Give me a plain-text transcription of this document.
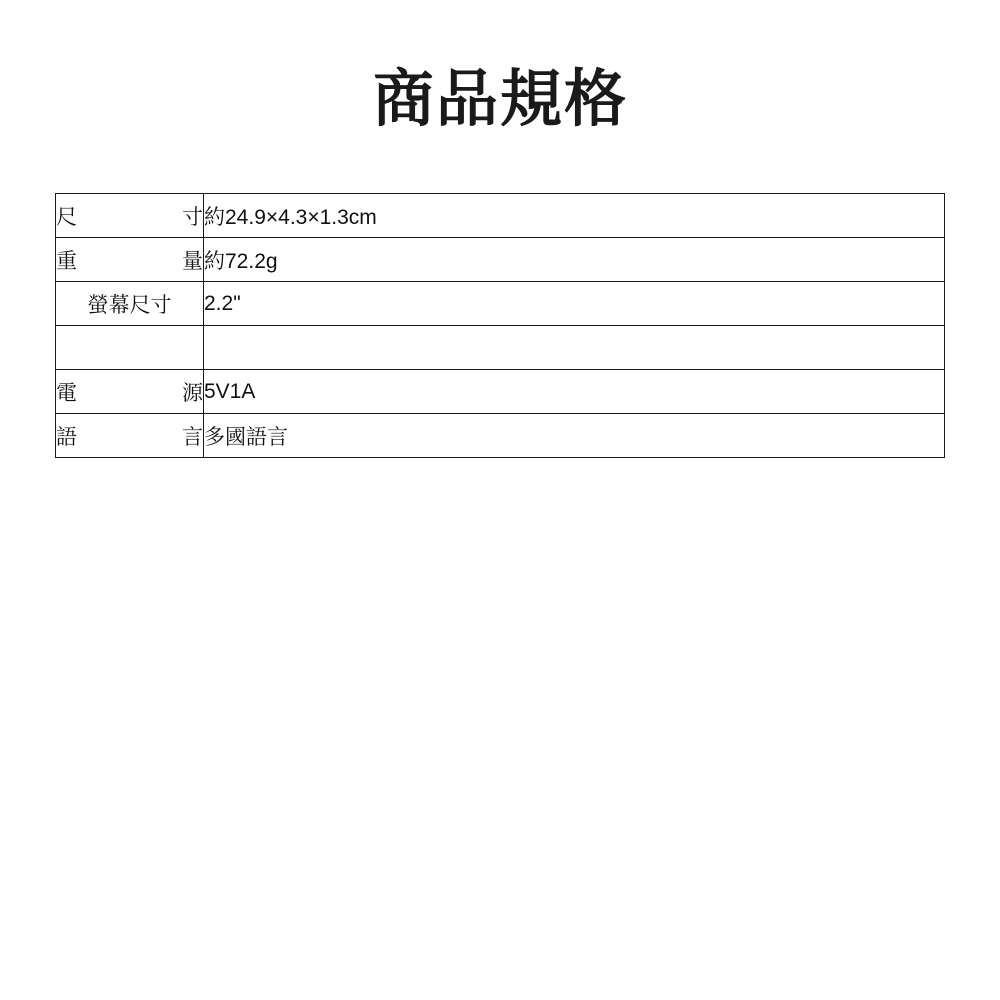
商品規格
尺 寸	約24.9×4.3×1.3cm

重 量	約72.2g

螢幕尺寸	2.2"

電 源	5V1A

語 言	多國語言
